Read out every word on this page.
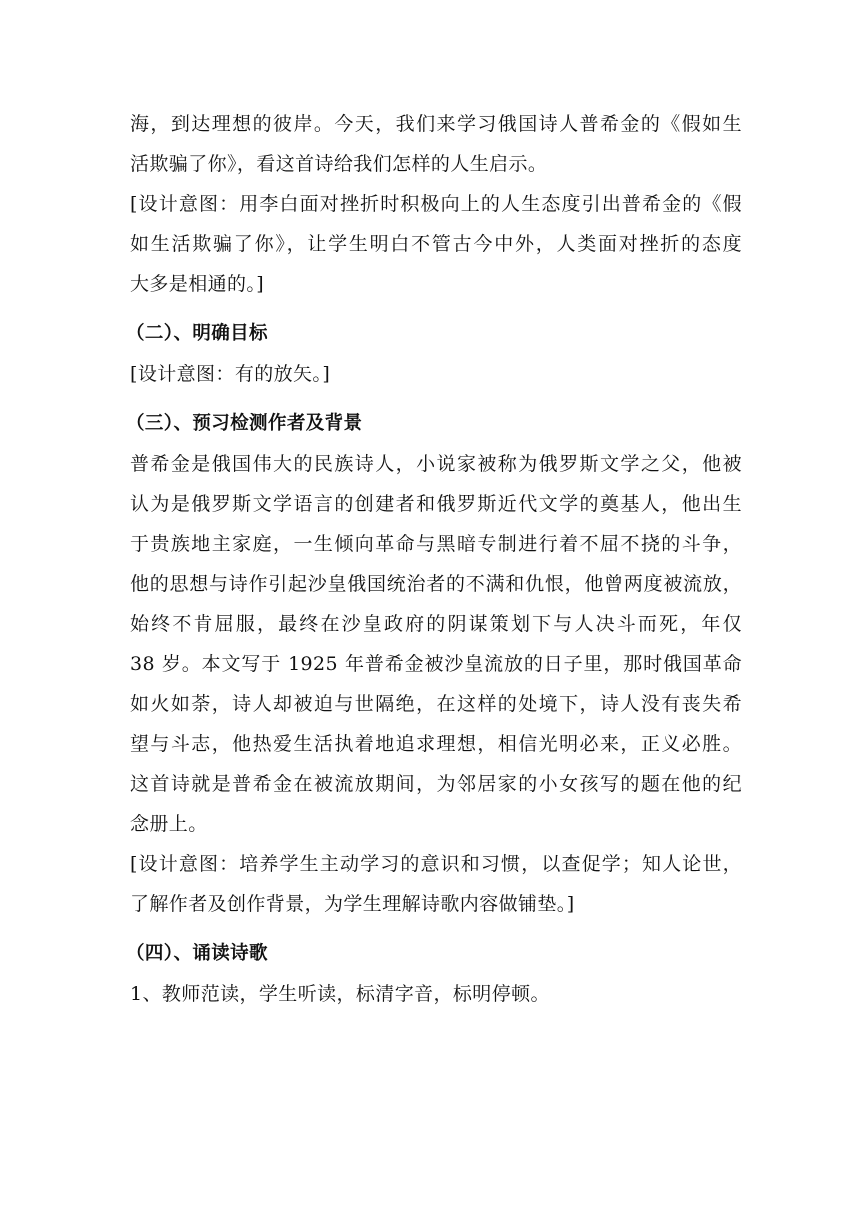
海，到达理想的彼岸。今天，我们来学习俄国诗人普希金的《假如生
活欺骗了你》，看这首诗给我们怎样的人生启示。
[设计意图：用李白面对挫折时积极向上的人生态度引出普希金的《假
如生活欺骗了你》，让学生明白不管古今中外，人类面对挫折的态度
大多是相通的。]
（二）、明确目标
[设计意图：有的放矢。]
（三）、预习检测作者及背景
普希金是俄国伟大的民族诗人，小说家被称为俄罗斯文学之父，他被
认为是俄罗斯文学语言的创建者和俄罗斯近代文学的奠基人，他出生
于贵族地主家庭，一生倾向革命与黑暗专制进行着不屈不挠的斗争，
他的思想与诗作引起沙皇俄国统治者的不满和仇恨，他曾两度被流放，
始终不肯屈服，最终在沙皇政府的阴谋策划下与人决斗而死，年仅
38 岁。本文写于 1925 年普希金被沙皇流放的日子里，那时俄国革命
如火如荼，诗人却被迫与世隔绝，在这样的处境下，诗人没有丧失希
望与斗志，他热爱生活执着地追求理想，相信光明必来，正义必胜。
这首诗就是普希金在被流放期间，为邻居家的小女孩写的题在他的纪
念册上。
[设计意图：培养学生主动学习的意识和习惯，以查促学；知人论世，
了解作者及创作背景，为学生理解诗歌内容做铺垫。]
（四）、诵读诗歌
1、教师范读，学生听读，标清字音，标明停顿。
